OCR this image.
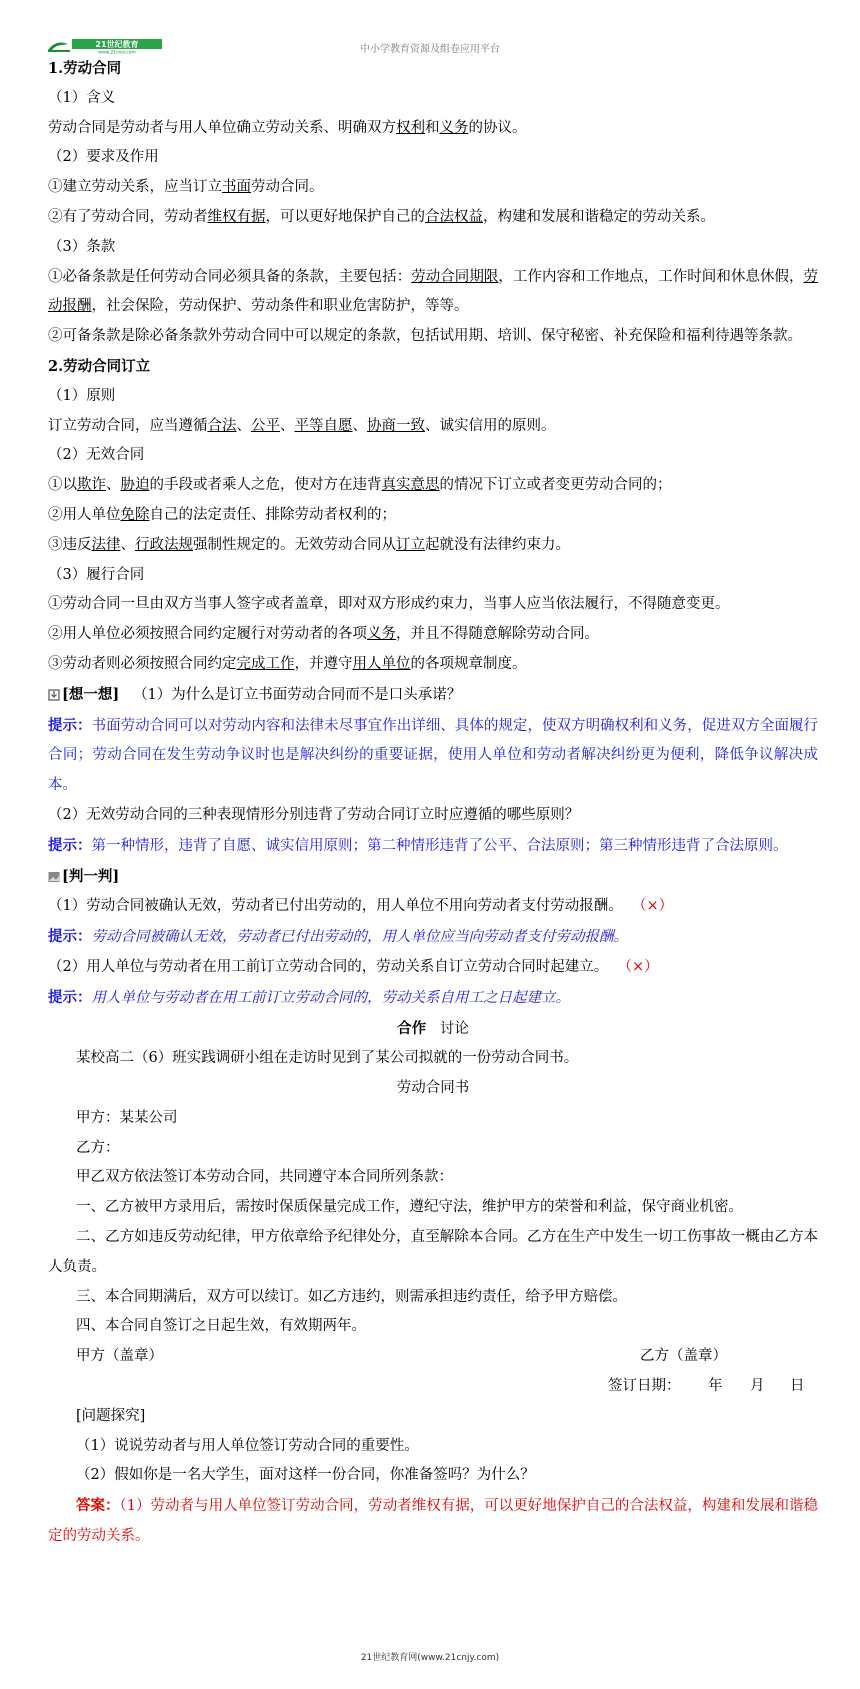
21世纪教育
www.21cnjy.com	中小学教育资源及组卷应用平台
1.劳动合同
（1）含义
劳动合同是劳动者与用人单位确立劳动关系、明确双方权利和义务的协议。
（2）要求及作用
①建立劳动关系，应当订立书面劳动合同。
②有了劳动合同，劳动者维权有据，可以更好地保护自己的合法权益，构建和发展和谐稳定的劳动关系。
（3）条款
①必备条款是任何劳动合同必须具备的条款，主要包括：劳动合同期限，工作内容和工作地点，工作时间和休息休假，劳动报酬，社会保险，劳动保护、劳动条件和职业危害防护，等等。
②可备条款是除必备条款外劳动合同中可以规定的条款，包括试用期、培训、保守秘密、补充保险和福利待遇等条款。
2.劳动合同订立
（1）原则
订立劳动合同，应当遵循合法、公平、平等自愿、协商一致、诚实信用的原则。
（2）无效合同
①以欺诈、胁迫的手段或者乘人之危，使对方在违背真实意思的情况下订立或者变更劳动合同的；
②用人单位免除自己的法定责任、排除劳动者权利的；
③违反法律、行政法规强制性规定的。无效劳动合同从订立起就没有法律约束力。
（3）履行合同
①劳动合同一旦由双方当事人签字或者盖章，即对双方形成约束力，当事人应当依法履行，不得随意变更。
②用人单位必须按照合同约定履行对劳动者的各项义务，并且不得随意解除劳动合同。
③劳动者则必须按照合同约定完成工作，并遵守用人单位的各项规章制度。
[想一想] （1）为什么是订立书面劳动合同而不是口头承诺？
提示：书面劳动合同可以对劳动内容和法律未尽事宜作出详细、具体的规定，使双方明确权利和义务，促进双方全面履行合同；劳动合同在发生劳动争议时也是解决纠纷的重要证据，使用人单位和劳动者解决纠纷更为便利，降低争议解决成本。
（2）无效劳动合同的三种表现情形分别违背了劳动合同订立时应遵循的哪些原则？
提示：第一种情形，违背了自愿、诚实信用原则；第二种情形违背了公平、合法原则；第三种情形违背了合法原则。
[判一判]
（1）劳动合同被确认无效，劳动者已付出劳动的，用人单位不用向劳动者支付劳动报酬。 （×）
提示：劳动合同被确认无效，劳动者已付出劳动的，用人单位应当向劳动者支付劳动报酬。
（2）用人单位与劳动者在用工前订立劳动合同的，劳动关系自订立劳动合同时起建立。 （×）
提示：用人单位与劳动者在用工前订立劳动合同的，劳动关系自用工之日起建立。
合作 讨论
某校高二（6）班实践调研小组在走访时见到了某公司拟就的一份劳动合同书。
劳动合同书
甲方：某某公司
乙方：
甲乙双方依法签订本劳动合同，共同遵守本合同所列条款：
一、乙方被甲方录用后，需按时保质保量完成工作，遵纪守法，维护甲方的荣誉和利益，保守商业机密。
二、乙方如违反劳动纪律，甲方依章给予纪律处分，直至解除本合同。乙方在生产中发生一切工伤事故一概由乙方本人负责。
三、本合同期满后，双方可以续订。如乙方违约，则需承担违约责任，给予甲方赔偿。
四、本合同自签订之日起生效，有效期两年。
甲方（盖章）	乙方（盖章）
签订日期： 年 月 日
[问题探究]
（1）说说劳动者与用人单位签订劳动合同的重要性。
（2）假如你是一名大学生，面对这样一份合同，你准备签吗？为什么？
答案：（1）劳动者与用人单位签订劳动合同，劳动者维权有据，可以更好地保护自己的合法权益，构建和发展和谐稳定的劳动关系。
21世纪教育网(www.21cnjy.com)
